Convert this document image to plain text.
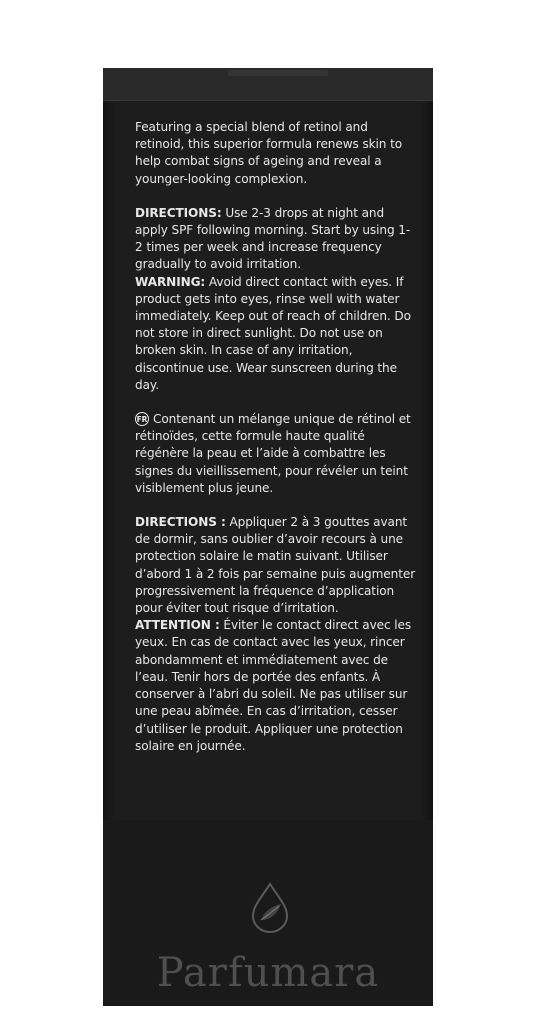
Featuring a special blend of retinol and retinoid, this superior formula renews skin to help combat signs of ageing and reveal a younger-looking complexion.

DIRECTIONS: Use 2-3 drops at night and apply SPF following morning. Start by using 1-2 times per week and increase frequency gradually to avoid irritation.

WARNING: Avoid direct contact with eyes. If product gets into eyes, rinse well with water immediately. Keep out of reach of children. Do not store in direct sunlight. Do not use on broken skin. In case of any irritation, discontinue use. Wear sunscreen during the day.

FR Contenant un mélange unique de rétinol et rétinoïdes, cette formule haute qualité régénère la peau et l’aide à combattre les signes du vieillissement, pour révéler un teint visiblement plus jeune.

DIRECTIONS : Appliquer 2 à 3 gouttes avant de dormir, sans oublier d’avoir recours à une protection solaire le matin suivant. Utiliser d’abord 1 à 2 fois par semaine puis augmenter progressivement la fréquence d’application pour éviter tout risque d’irritation. ATTENTION : Éviter le contact direct avec les yeux. En cas de contact avec les yeux, rincer abondamment et immédiatement avec de l’eau. Tenir hors de portée des enfants. À conserver à l’abri du soleil. Ne pas utiliser sur une peau abîmée. En cas d’irritation, cesser d’utiliser le produit. Appliquer une protection solaire en journée.

Parfumara
